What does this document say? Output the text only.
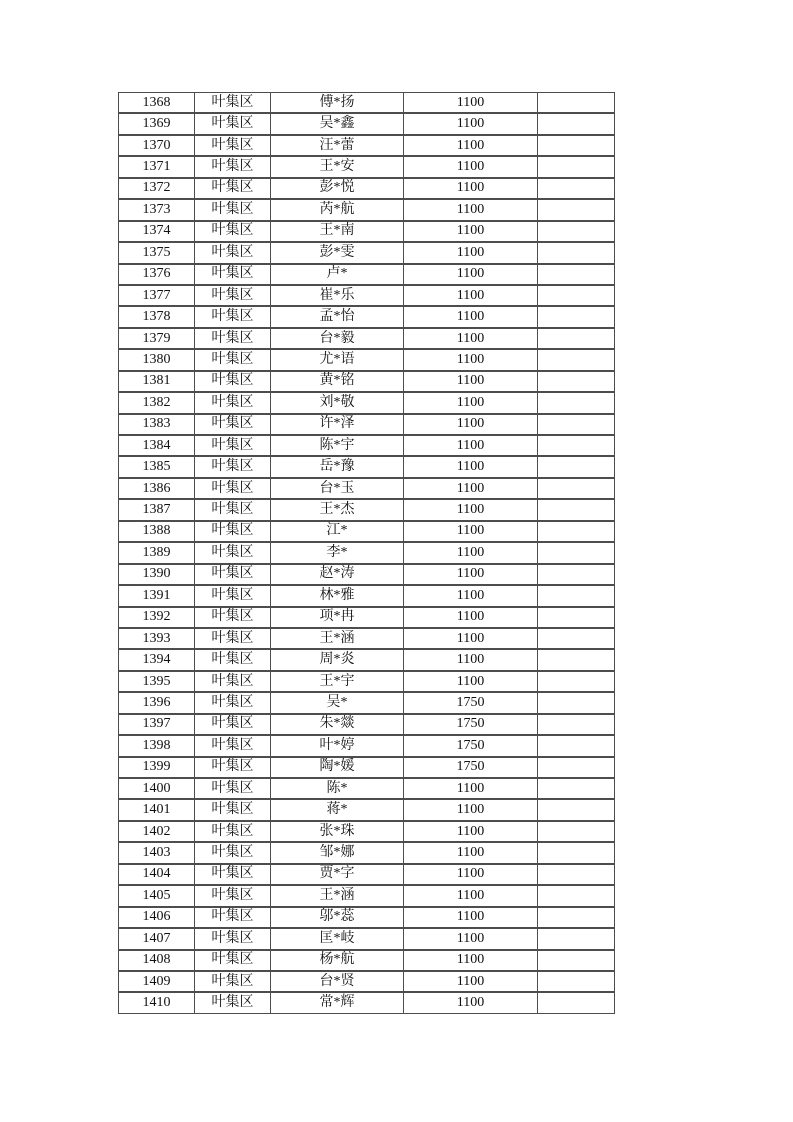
1368	叶集区	傅*扬	1100	
1369	叶集区	吴*鑫	1100	
1370	叶集区	汪*蕾	1100	
1371	叶集区	王*安	1100	
1372	叶集区	彭*悦	1100	
1373	叶集区	芮*航	1100	
1374	叶集区	王*南	1100	
1375	叶集区	彭*雯	1100	
1376	叶集区	卢*	1100	
1377	叶集区	崔*乐	1100	
1378	叶集区	孟*怡	1100	
1379	叶集区	台*毅	1100	
1380	叶集区	尤*语	1100	
1381	叶集区	黄*铭	1100	
1382	叶集区	刘*敬	1100	
1383	叶集区	许*泽	1100	
1384	叶集区	陈*宇	1100	
1385	叶集区	岳*豫	1100	
1386	叶集区	台*玉	1100	
1387	叶集区	王*杰	1100	
1388	叶集区	江*	1100	
1389	叶集区	李*	1100	
1390	叶集区	赵*涛	1100	
1391	叶集区	林*雅	1100	
1392	叶集区	项*冉	1100	
1393	叶集区	王*涵	1100	
1394	叶集区	周*炎	1100	
1395	叶集区	王*宇	1100	
1396	叶集区	吴*	1750	
1397	叶集区	朱*燚	1750	
1398	叶集区	叶*婷	1750	
1399	叶集区	陶*媛	1750	
1400	叶集区	陈*	1100	
1401	叶集区	蒋*	1100	
1402	叶集区	张*珠	1100	
1403	叶集区	邹*娜	1100	
1404	叶集区	贾*字	1100	
1405	叶集区	王*涵	1100	
1406	叶集区	邬*蕊	1100	
1407	叶集区	匡*岐	1100	
1408	叶集区	杨*航	1100	
1409	叶集区	台*贤	1100	
1410	叶集区	常*辉	1100	
